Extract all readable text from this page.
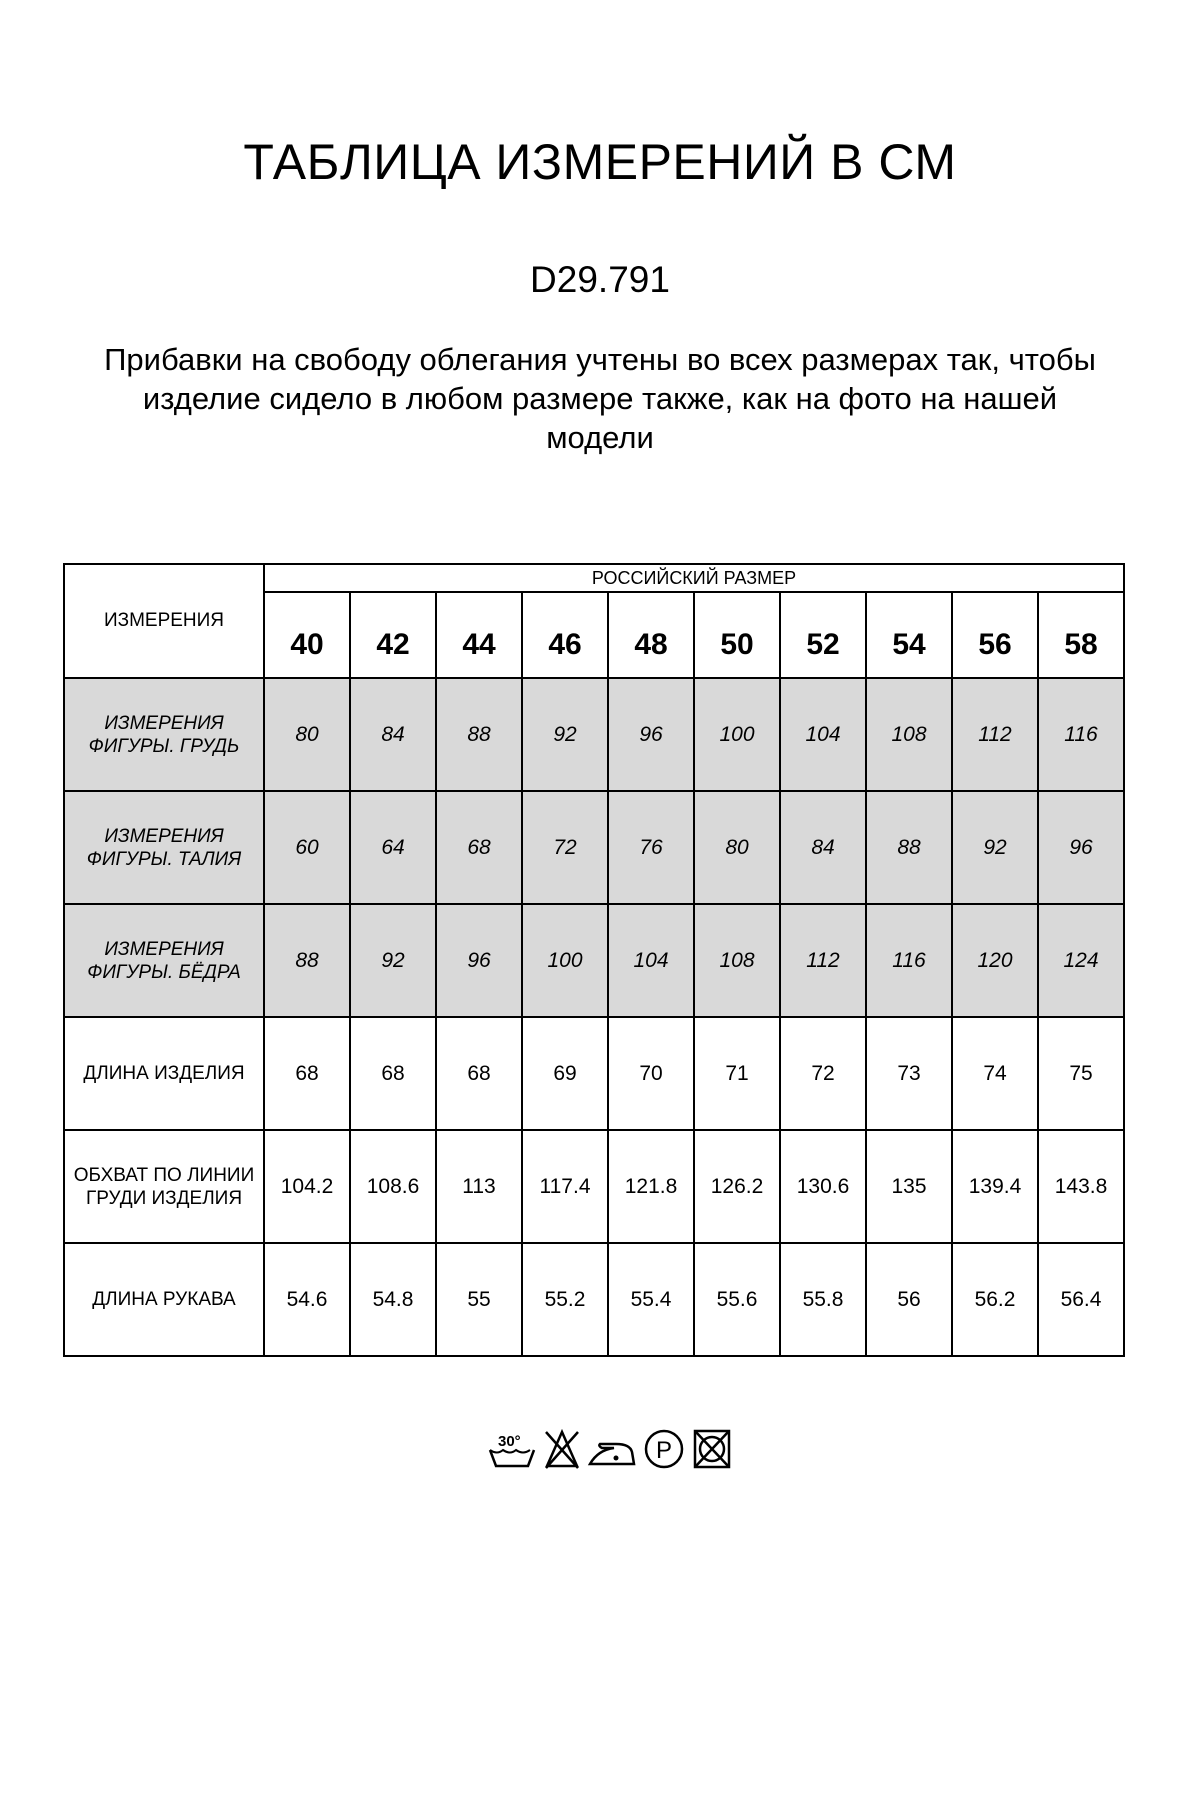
ТАБЛИЦА ИЗМЕРЕНИЙ В СМ
D29.791
Прибавки на свободу облегания учтены во всех размерах так, чтобы изделие сидело в любом размере также, как на фото на нашей модели
ИЗМЕРЕНИЯ	РОССИЙСКИЙ РАЗМЕР									
	40	42	44	46	48	50	52	54	56	58
ИЗМЕРЕНИЯ ФИГУРЫ. ГРУДЬ	80	84	88	92	96	100	104	108	112	116
ИЗМЕРЕНИЯ ФИГУРЫ. ТАЛИЯ	60	64	68	72	76	80	84	88	92	96
ИЗМЕРЕНИЯ ФИГУРЫ. БЁДРА	88	92	96	100	104	108	112	116	120	124
ДЛИНА ИЗДЕЛИЯ	68	68	68	69	70	71	72	73	74	75
ОБХВАТ ПО ЛИНИИ ГРУДИ ИЗДЕЛИЯ	104.2	108.6	113	117.4	121.8	126.2	130.6	135	139.4	143.8
ДЛИНА РУКАВА	54.6	54.8	55	55.2	55.4	55.6	55.8	56	56.2	56.4
30°	P
